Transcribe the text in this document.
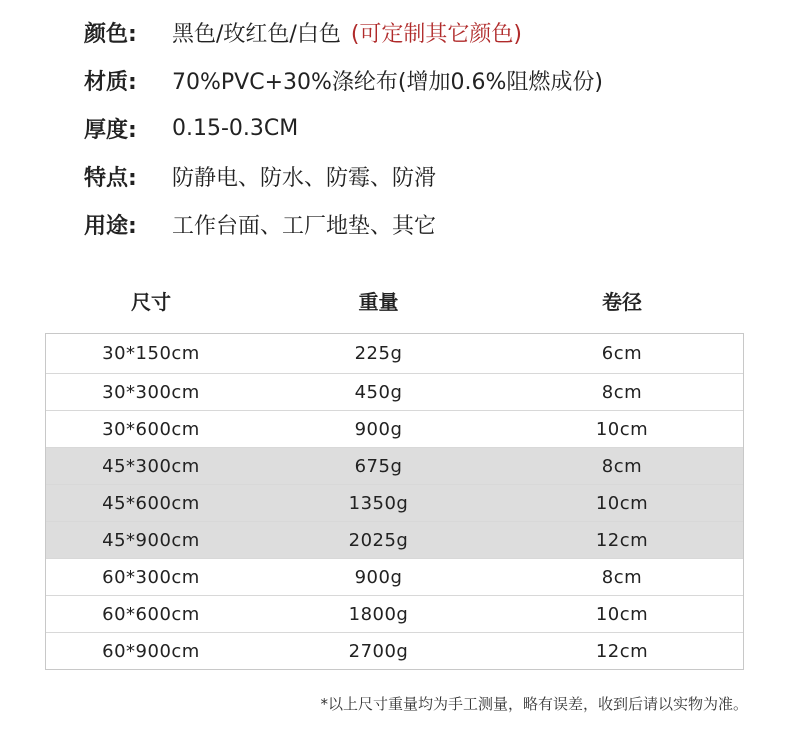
颜色:	黑色/玫红色/白色 (可定制其它颜色)
材质:	70%PVC+30%涤纶布(增加0.6%阻燃成份)
厚度:	0.15-0.3CM
特点:	防静电、防水、防霉、防滑
用途:	工作台面、工厂地垫、其它
尺寸	重量	卷径
30*150cm	225g	6cm
30*300cm	450g	8cm
30*600cm	900g	10cm
45*300cm	675g	8cm
45*600cm	1350g	10cm
45*900cm	2025g	12cm
60*300cm	900g	8cm
60*600cm	1800g	10cm
60*900cm	2700g	12cm
*以上尺寸重量均为手工测量，略有误差，收到后请以实物为准。
